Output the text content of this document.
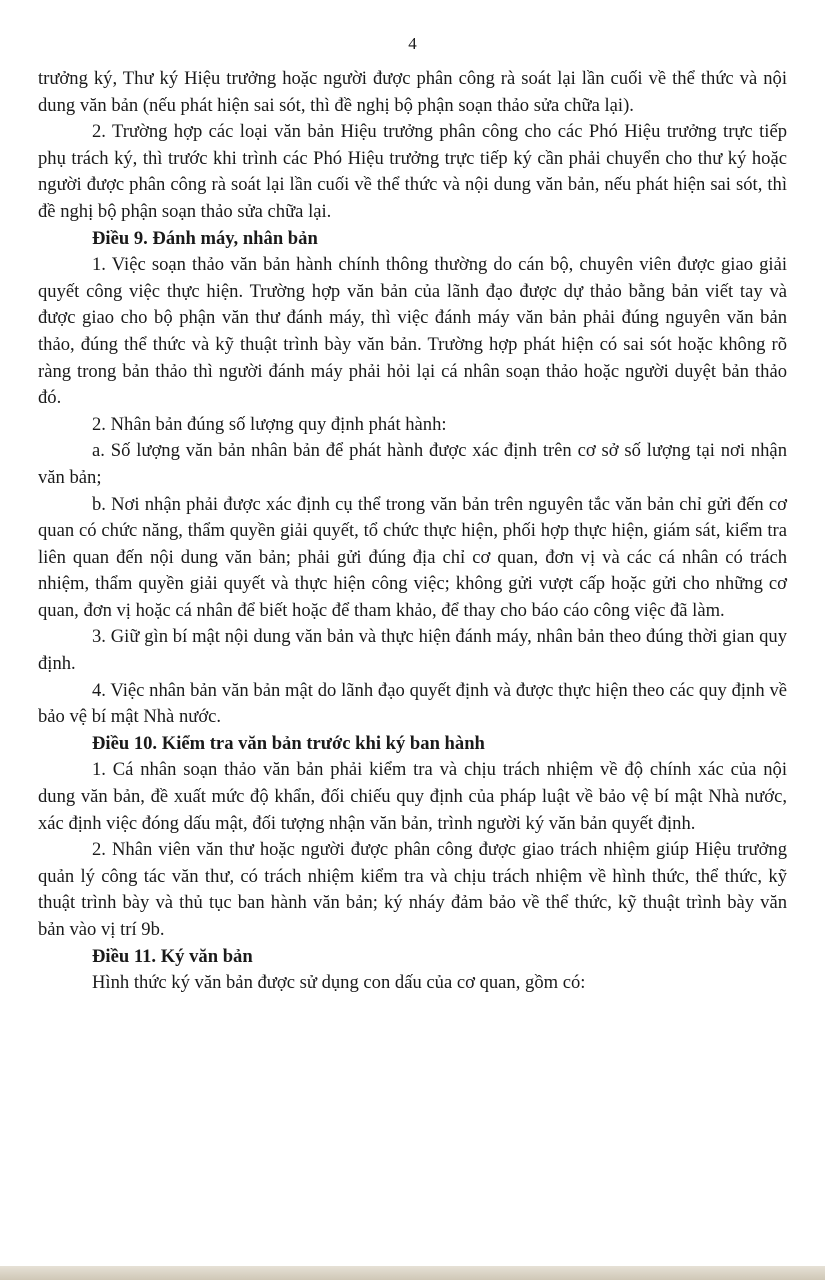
4

trưởng ký, Thư ký Hiệu trưởng hoặc người được phân công rà soát lại lần cuối về thể thức và nội dung văn bản (nếu phát hiện sai sót, thì đề nghị bộ phận soạn thảo sửa chữa lại).

2. Trường hợp các loại văn bản Hiệu trưởng phân công cho các Phó Hiệu trưởng trực tiếp phụ trách ký, thì trước khi trình các Phó Hiệu trưởng trực tiếp ký cần phải chuyển cho thư ký hoặc người được phân công rà soát lại lần cuối về thể thức và nội dung văn bản, nếu phát hiện sai sót, thì đề nghị bộ phận soạn thảo sửa chữa lại.

Điều 9. Đánh máy, nhân bản

1. Việc soạn thảo văn bản hành chính thông thường do cán bộ, chuyên viên được giao giải quyết công việc thực hiện. Trường hợp văn bản của lãnh đạo được dự thảo bằng bản viết tay và được giao cho bộ phận văn thư đánh máy, thì việc đánh máy văn bản phải đúng nguyên văn bản thảo, đúng thể thức và kỹ thuật trình bày văn bản. Trường hợp phát hiện có sai sót hoặc không rõ ràng trong bản thảo thì người đánh máy phải hỏi lại cá nhân soạn thảo hoặc người duyệt bản thảo đó.

2. Nhân bản đúng số lượng quy định phát hành:

a. Số lượng văn bản nhân bản để phát hành được xác định trên cơ sở số lượng tại nơi nhận văn bản;

b. Nơi nhận phải được xác định cụ thể trong văn bản trên nguyên tắc văn bản chỉ gửi đến cơ quan có chức năng, thẩm quyền giải quyết, tổ chức thực hiện, phối hợp thực hiện, giám sát, kiểm tra liên quan đến nội dung văn bản; phải gửi đúng địa chỉ cơ quan, đơn vị và các cá nhân có trách nhiệm, thẩm quyền giải quyết và thực hiện công việc; không gửi vượt cấp hoặc gửi cho những cơ quan, đơn vị hoặc cá nhân để biết hoặc để tham khảo, để thay cho báo cáo công việc đã làm.

3. Giữ gìn bí mật nội dung văn bản và thực hiện đánh máy, nhân bản theo đúng thời gian quy định.

4. Việc nhân bản văn bản mật do lãnh đạo quyết định và được thực hiện theo các quy định về bảo vệ bí mật Nhà nước.

Điều 10. Kiểm tra văn bản trước khi ký ban hành

1. Cá nhân soạn thảo văn bản phải kiểm tra và chịu trách nhiệm về độ chính xác của nội dung văn bản, đề xuất mức độ khẩn, đối chiếu quy định của pháp luật về bảo vệ bí mật Nhà nước, xác định việc đóng dấu mật, đối tượng nhận văn bản, trình người ký văn bản quyết định.

2. Nhân viên văn thư hoặc người được phân công được giao trách nhiệm giúp Hiệu trưởng quản lý công tác văn thư, có trách nhiệm kiểm tra và chịu trách nhiệm về hình thức, thể thức, kỹ thuật trình bày và thủ tục ban hành văn bản; ký nháy đảm bảo về thể thức, kỹ thuật trình bày văn bản vào vị trí 9b.

Điều 11. Ký văn bản

Hình thức ký văn bản được sử dụng con dấu của cơ quan, gồm có:
